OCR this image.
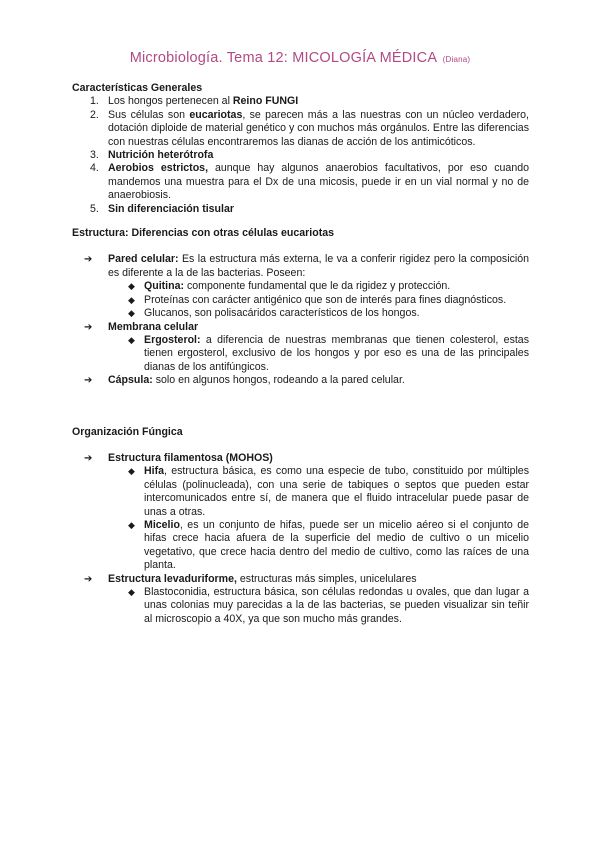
Microbiología. Tema 12: MICOLOGÍA MÉDICA (Diana)
Características Generales
1. Los hongos pertenecen al Reino FUNGI
2. Sus células son eucariotas, se parecen más a las nuestras con un núcleo verdadero, dotación diploide de material genético y con muchos más orgánulos. Entre las diferencias con nuestras células encontraremos las dianas de acción de los antimicóticos.
3. Nutrición heterótrofa
4. Aerobios estrictos, aunque hay algunos anaerobios facultativos, por eso cuando mandemos una muestra para el Dx de una micosis, puede ir en un vial normal y no de anaerobiosis.
5. Sin diferenciación tisular
Estructura: Diferencias con otras células eucariotas
➔ Pared celular: Es la estructura más externa, le va a conferir rigidez pero la composición es diferente a la de las bacterias. Poseen:
◆ Quitina: componente fundamental que le da rigidez y protección.
◆ Proteínas con carácter antigénico que son de interés para fines diagnósticos.
◆ Glucanos, son polisacáridos característicos de los hongos.
➔ Membrana celular
◆ Ergosterol: a diferencia de nuestras membranas que tienen colesterol, estas tienen ergosterol, exclusivo de los hongos y por eso es una de las principales dianas de los antifúngicos.
➔ Cápsula: solo en algunos hongos, rodeando a la pared celular.
Organización Fúngica
➔ Estructura filamentosa (MOHOS)
◆ Hifa, estructura básica, es como una especie de tubo, constituido por múltiples células (polinucleada), con una serie de tabiques o septos que pueden estar intercomunicados entre sí, de manera que el fluido intracelular puede pasar de unas a otras.
◆ Micelio, es un conjunto de hifas, puede ser un micelio aéreo si el conjunto de hifas crece hacia afuera de la superficie del medio de cultivo o un micelio vegetativo, que crece hacia dentro del medio de cultivo, como las raíces de una planta.
➔ Estructura levaduriforme, estructuras más simples, unicelulares
◆ Blastoconidia, estructura básica, son células redondas u ovales, que dan lugar a unas colonias muy parecidas a la de las bacterias, se pueden visualizar sin teñir al microscopio a 40X, ya que son mucho más grandes.
